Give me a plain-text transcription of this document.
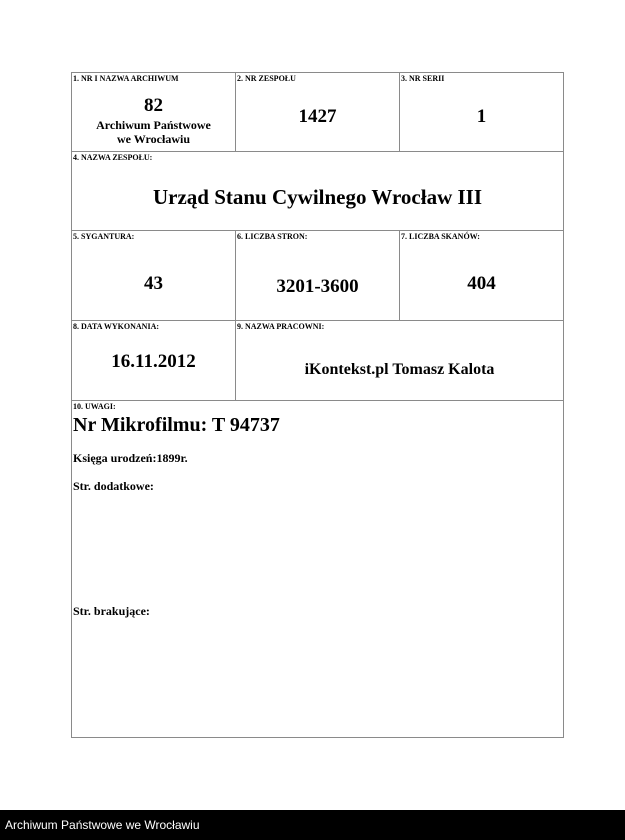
1. NR I NAZWA ARCHIWUM
82
Archiwum Państwowe
we Wrocławiu
2. NR ZESPOŁU
1427
3. NR SERII
1
4. NAZWA ZESPOŁU:
Urząd Stanu Cywilnego Wrocław III
5. SYGANTURA:
43
6. LICZBA STRON:
3201-3600
7. LICZBA SKANÓW:
404
8. DATA WYKONANIA:
16.11.2012
9. NAZWA PRACOWNI:
iKontekst.pl Tomasz Kalota
10. UWAGI:
Nr Mikrofilmu: T 94737
Księga urodzeń:1899r.
Str. dodatkowe:
Str. brakujące:
Archiwum Państwowe we Wrocławiu
